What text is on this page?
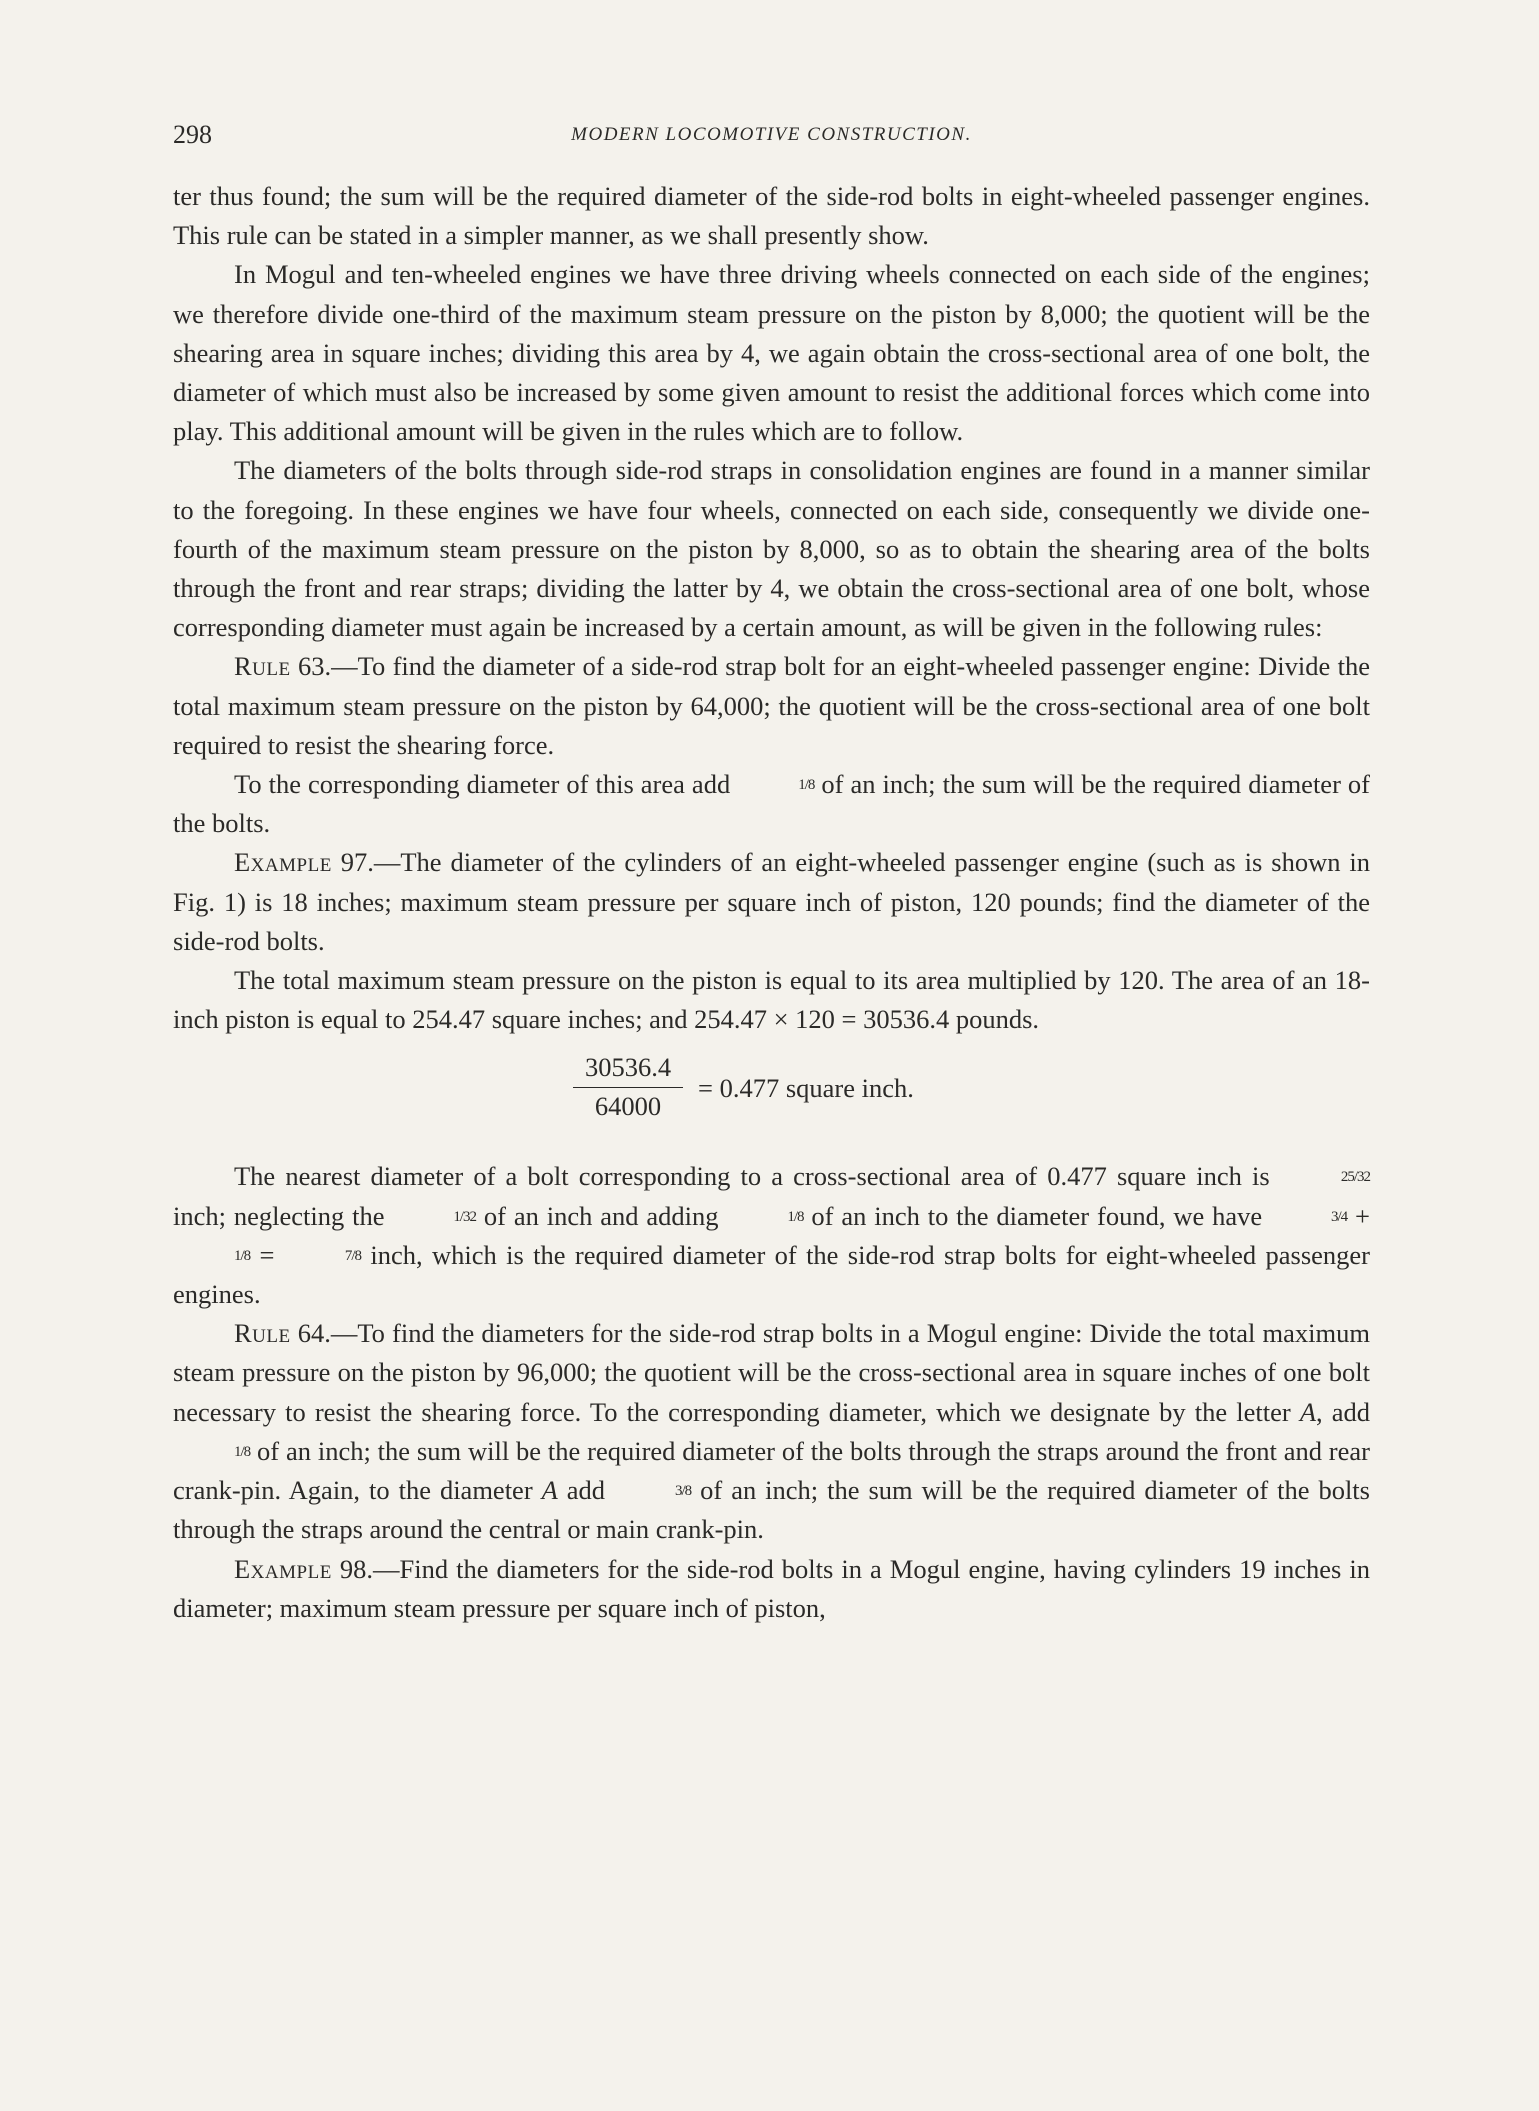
298	MODERN LOCOMOTIVE CONSTRUCTION.

ter thus found; the sum will be the required diameter of the side-rod bolts in eight-wheeled passenger engines. This rule can be stated in a simpler manner, as we shall presently show.

In Mogul and ten-wheeled engines we have three driving wheels connected on each side of the engines; we therefore divide one-third of the maximum steam pressure on the piston by 8,000; the quotient will be the shearing area in square inches; dividing this area by 4, we again obtain the cross-sectional area of one bolt, the diameter of which must also be increased by some given amount to resist the additional forces which come into play. This additional amount will be given in the rules which are to follow.

The diameters of the bolts through side-rod straps in consolidation engines are found in a manner similar to the foregoing. In these engines we have four wheels, connected on each side, consequently we divide one-fourth of the maximum steam pressure on the piston by 8,000, so as to obtain the shearing area of the bolts through the front and rear straps; dividing the latter by 4, we obtain the cross-sectional area of one bolt, whose corresponding diameter must again be increased by a certain amount, as will be given in the following rules:

Rule 63.—To find the diameter of a side-rod strap bolt for an eight-wheeled passenger engine: Divide the total maximum steam pressure on the piston by 64,000; the quotient will be the cross-sectional area of one bolt required to resist the shearing force.

To the corresponding diameter of this area add	1/8 of an inch; the sum will be the required diameter of the bolts.

Example 97.—The diameter of the cylinders of an eight-wheeled passenger engine (such as is shown in Fig. 1) is 18 inches; maximum steam pressure per square inch of piston, 120 pounds; find the diameter of the side-rod bolts.

The total maximum steam pressure on the piston is equal to its area multiplied by 120. The area of an 18-inch piston is equal to 254.47 square inches; and 254.47 × 120 = 30536.4 pounds.

$\frac{30536.4}{64000} = 0.477$ square inch.

The nearest diameter of a bolt corresponding to a cross-sectional area of 0.477 square inch is	25/32 inch; neglecting the	1/32 of an inch and adding	1/8 of an inch to the diameter found, we have	3/4 + 1/8 =	7/8 inch, which is the required diameter of the side-rod strap bolts for eight-wheeled passenger engines.

Rule 64.—To find the diameters for the side-rod strap bolts in a Mogul engine: Divide the total maximum steam pressure on the piston by 96,000; the quotient will be the cross-sectional area in square inches of one bolt necessary to resist the shearing force. To the corresponding diameter, which we designate by the letter A, add 1/8 of an inch; the sum will be the required diameter of the bolts through the straps around the front and rear crank-pin. Again, to the diameter A add	3/8 of an inch; the sum will be the required diameter of the bolts through the straps around the central or main crank-pin.

Example 98.—Find the diameters for the side-rod bolts in a Mogul engine, having cylinders 19 inches in diameter; maximum steam pressure per square inch of piston,
